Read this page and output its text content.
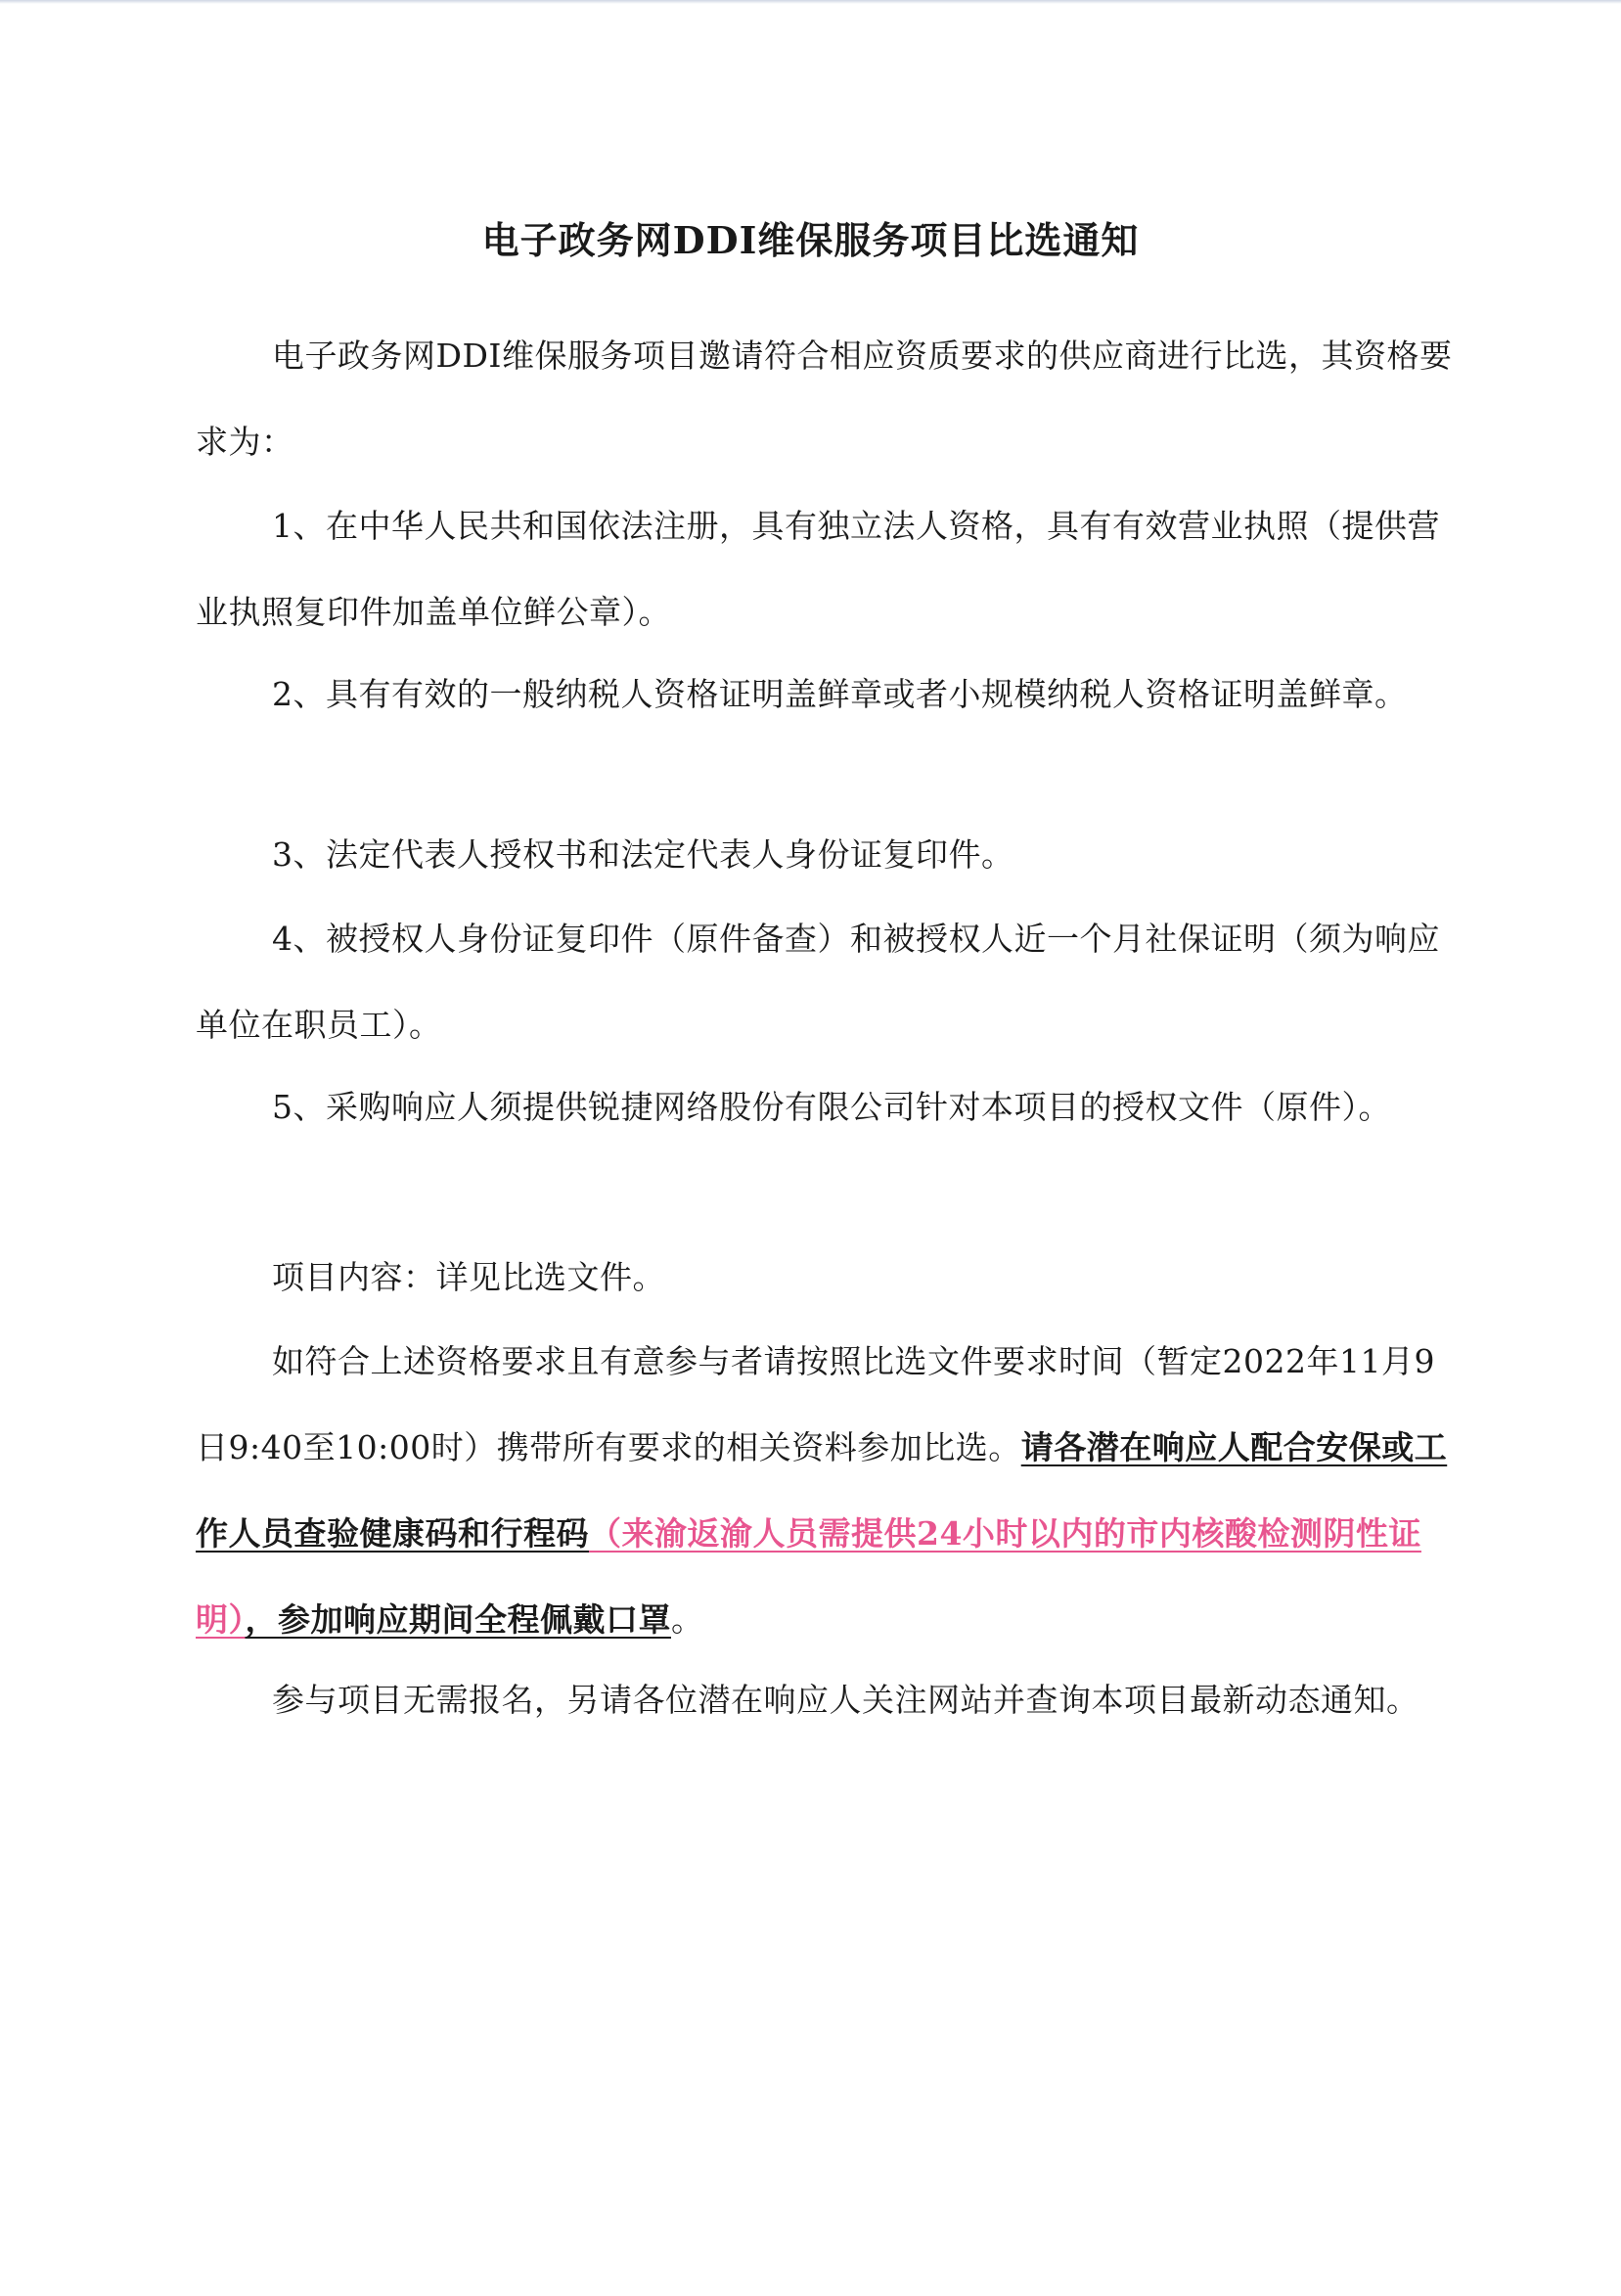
电子政务网DDI维保服务项目比选通知

电子政务网DDI维保服务项目邀请符合相应资质要求的供应商进行比选，其资格要求为：

1、在中华人民共和国依法注册，具有独立法人资格，具有有效营业执照（提供营业执照复印件加盖单位鲜公章）。

2、具有有效的一般纳税人资格证明盖鲜章或者小规模纳税人资格证明盖鲜章。

3、法定代表人授权书和法定代表人身份证复印件。

4、被授权人身份证复印件（原件备查）和被授权人近一个月社保证明（须为响应单位在职员工）。

5、采购响应人须提供锐捷网络股份有限公司针对本项目的授权文件（原件）。

项目内容：详见比选文件。

如符合上述资格要求且有意参与者请按照比选文件要求时间（暂定2022年11月9日9:40至10:00时）携带所有要求的相关资料参加比选。请各潜在响应人配合安保或工作人员查验健康码和行程码（来渝返渝人员需提供24小时以内的市内核酸检测阴性证明），参加响应期间全程佩戴口罩。

参与项目无需报名，另请各位潜在响应人关注网站并查询本项目最新动态通知。
